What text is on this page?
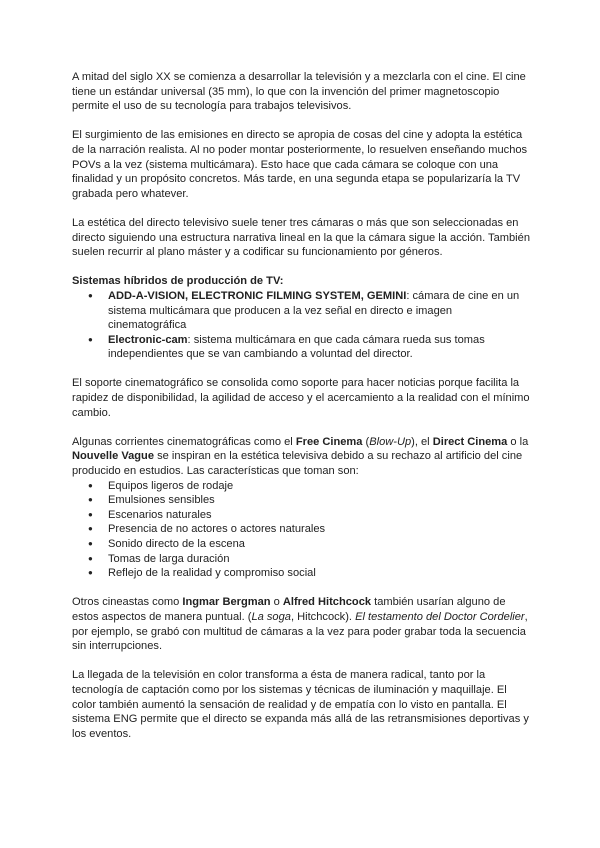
A mitad del siglo XX se comienza a desarrollar la televisión y a mezclarla con el cine. El cine tiene un estándar universal (35 mm), lo que con la invención del primer magnetoscopio permite el uso de su tecnología para trabajos televisivos.

El surgimiento de las emisiones en directo se apropia de cosas del cine y adopta la estética de la narración realista. Al no poder montar posteriormente, lo resuelven enseñando muchos POVs a la vez (sistema multicámara). Esto hace que cada cámara se coloque con una finalidad y un propósito concretos. Más tarde, en una segunda etapa se popularizaría la TV grabada pero whatever.

La estética del directo televisivo suele tener tres cámaras o más que son seleccionadas en directo siguiendo una estructura narrativa lineal en la que la cámara sigue la acción. También suelen recurrir al plano máster y a codificar su funcionamiento por géneros.

Sistemas híbridos de producción de TV:

● ADD-A-VISION, ELECTRONIC FILMING SYSTEM, GEMINI: cámara de cine en un sistema multicámara que producen a la vez señal en directo e imagen cinematográfica
● Electronic-cam: sistema multicámara en que cada cámara rueda sus tomas independientes que se van cambiando a voluntad del director.

El soporte cinematográfico se consolida como soporte para hacer noticias porque facilita la rapidez de disponibilidad, la agilidad de acceso y el acercamiento a la realidad con el mínimo cambio.

Algunas corrientes cinematográficas como el Free Cinema (Blow-Up), el Direct Cinema o la Nouvelle Vague se inspiran en la estética televisiva debido a su rechazo al artificio del cine producido en estudios. Las características que toman son:

● Equipos ligeros de rodaje
● Emulsiones sensibles
● Escenarios naturales
● Presencia de no actores o actores naturales
● Sonido directo de la escena
● Tomas de larga duración
● Reflejo de la realidad y compromiso social

Otros cineastas como Ingmar Bergman o Alfred Hitchcock también usarían alguno de estos aspectos de manera puntual. (La soga, Hitchcock). El testamento del Doctor Cordelier, por ejemplo, se grabó con multitud de cámaras a la vez para poder grabar toda la secuencia sin interrupciones.

La llegada de la televisión en color transforma a ésta de manera radical, tanto por la tecnología de captación como por los sistemas y técnicas de iluminación y maquillaje. El color también aumentó la sensación de realidad y de empatía con lo visto en pantalla. El sistema ENG permite que el directo se expanda más allá de las retransmisiones deportivas y los eventos.
